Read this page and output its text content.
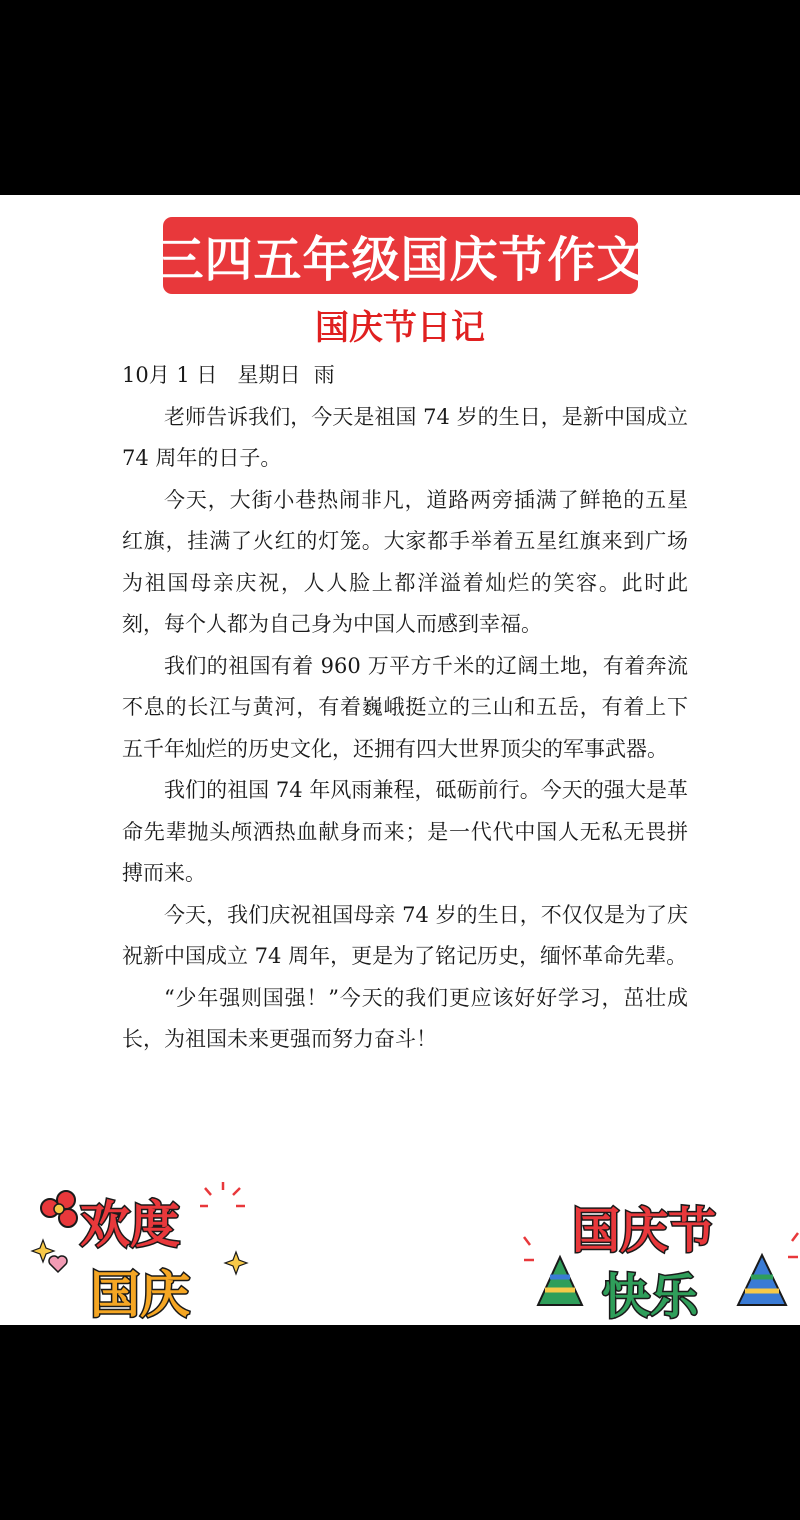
三四五年级国庆节作文
国庆节日记

10月 1 日   星期日  雨

老师告诉我们，今天是祖国 74 岁的生日，是新中国成立 74 周年的日子。

今天，大街小巷热闹非凡，道路两旁插满了鲜艳的五星红旗，挂满了火红的灯笼。大家都手举着五星红旗来到广场为祖国母亲庆祝，人人脸上都洋溢着灿烂的笑容。此时此刻，每个人都为自己身为中国人而感到幸福。

我们的祖国有着 960 万平方千米的辽阔土地，有着奔流不息的长江与黄河，有着巍峨挺立的三山和五岳，有着上下五千年灿烂的历史文化，还拥有四大世界顶尖的军事武器。

我们的祖国 74 年风雨兼程，砥砺前行。今天的强大是革命先辈抛头颅洒热血献身而来；是一代代中国人无私无畏拼搏而来。

今天，我们庆祝祖国母亲 74 岁的生日，不仅仅是为了庆祝新中国成立 74 周年，更是为了铭记历史，缅怀革命先辈。

“少年强则国强！”今天的我们更应该好好学习，茁壮成长，为祖国未来更强而努力奋斗！

欢度
国庆
国庆节
快乐
